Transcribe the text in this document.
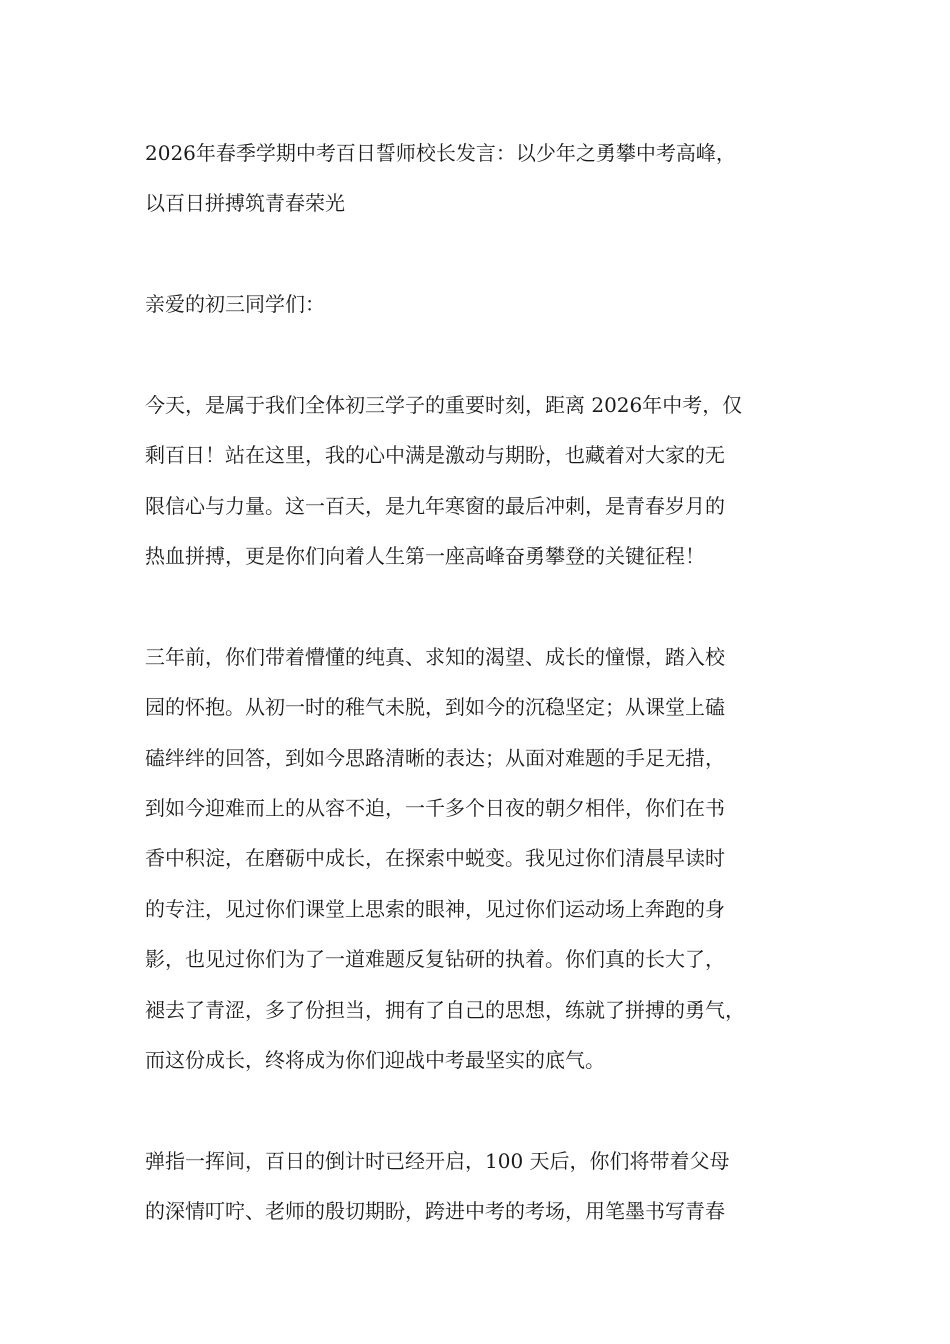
2026年春季学期中考百日誓师校长发言：以少年之勇攀中考高峰，
以百日拼搏筑青春荣光
亲爱的初三同学们：
今天，是属于我们全体初三学子的重要时刻，距离 2026年中考，仅
剩百日！站在这里，我的心中满是激动与期盼，也藏着对大家的无
限信心与力量。这一百天，是九年寒窗的最后冲刺，是青春岁月的
热血拼搏，更是你们向着人生第一座高峰奋勇攀登的关键征程！
三年前，你们带着懵懂的纯真、求知的渴望、成长的憧憬，踏入校
园的怀抱。从初一时的稚气未脱，到如今的沉稳坚定；从课堂上磕
磕绊绊的回答，到如今思路清晰的表达；从面对难题的手足无措，
到如今迎难而上的从容不迫，一千多个日夜的朝夕相伴，你们在书
香中积淀，在磨砺中成长，在探索中蜕变。我见过你们清晨早读时
的专注，见过你们课堂上思索的眼神，见过你们运动场上奔跑的身
影，也见过你们为了一道难题反复钻研的执着。你们真的长大了，
褪去了青涩，多了份担当，拥有了自己的思想，练就了拼搏的勇气，
而这份成长，终将成为你们迎战中考最坚实的底气。
弹指一挥间，百日的倒计时已经开启，100 天后，你们将带着父母
的深情叮咛、老师的殷切期盼，跨进中考的考场，用笔墨书写青春
